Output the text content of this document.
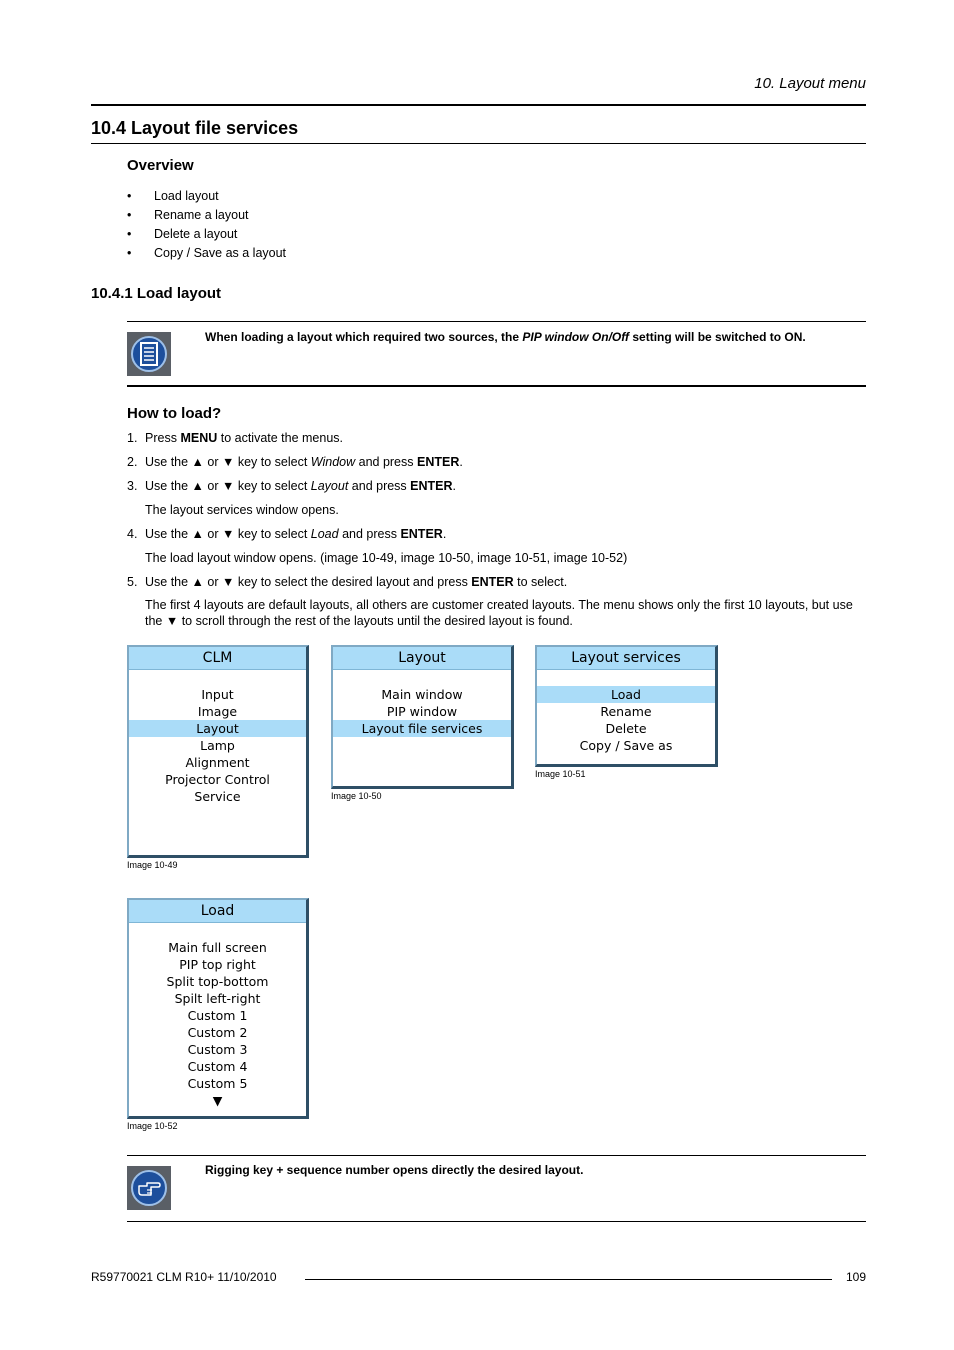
10. Layout menu
10.4 Layout file services
Overview
• Load layout
• Rename a layout
• Delete a layout
• Copy / Save as a layout
10.4.1 Load layout
When loading a layout which required two sources, the PIP window On/Off setting will be switched to ON.
How to load?
1. Press MENU to activate the menus.
2. Use the ▲ or ▼ key to select Window and press ENTER.
3. Use the ▲ or ▼ key to select Layout and press ENTER.
The layout services window opens.
4. Use the ▲ or ▼ key to select Load and press ENTER.
The load layout window opens. (image 10-49, image 10-50, image 10-51, image 10-52)
5. Use the ▲ or ▼ key to select the desired layout and press ENTER to select.
The first 4 layouts are default layouts, all others are customer created layouts. The menu shows only the first 10 layouts, but use the ▼ to scroll through the rest of the layouts until the desired layout is found.
CLM
Input
Image
Layout
Lamp
Alignment
Projector Control
Service
Image 10-49
Layout
Main window
PIP window
Layout file services
Image 10-50
Layout services
Load
Rename
Delete
Copy / Save as
Image 10-51
Load
Main full screen
PIP top right
Split top-bottom
Spilt left-right
Custom 1
Custom 2
Custom 3
Custom 4
Custom 5
▼
Image 10-52
Rigging key + sequence number opens directly the desired layout.
R59770021 CLM R10+ 11/10/2010	109
